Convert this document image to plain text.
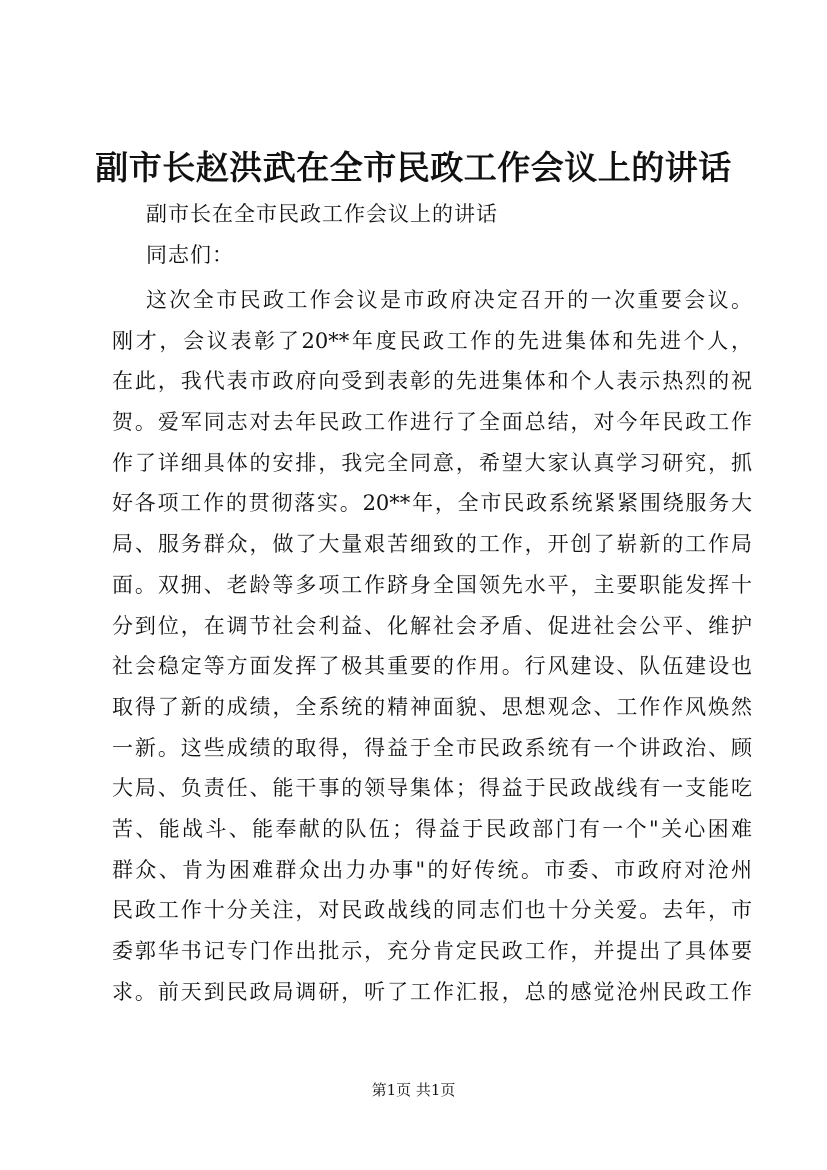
副市长赵洪武在全市民政工作会议上的讲话

副市长在全市民政工作会议上的讲话

同志们：

这次全市民政工作会议是市政府决定召开的一次重要会议。
刚才，会议表彰了20**年度民政工作的先进集体和先进个人，
在此，我代表市政府向受到表彰的先进集体和个人表示热烈的祝
贺。爱军同志对去年民政工作进行了全面总结，对今年民政工作
作了详细具体的安排，我完全同意，希望大家认真学习研究，抓
好各项工作的贯彻落实。20**年，全市民政系统紧紧围绕服务大
局、服务群众，做了大量艰苦细致的工作，开创了崭新的工作局
面。双拥、老龄等多项工作跻身全国领先水平，主要职能发挥十
分到位，在调节社会利益、化解社会矛盾、促进社会公平、维护
社会稳定等方面发挥了极其重要的作用。行风建设、队伍建设也
取得了新的成绩，全系统的精神面貌、思想观念、工作作风焕然
一新。这些成绩的取得，得益于全市民政系统有一个讲政治、顾
大局、负责任、能干事的领导集体；得益于民政战线有一支能吃
苦、能战斗、能奉献的队伍；得益于民政部门有一个"关心困难
群众、肯为困难群众出力办事"的好传统。市委、市政府对沧州
民政工作十分关注，对民政战线的同志们也十分关爱。去年，市
委郭华书记专门作出批示，充分肯定民政工作，并提出了具体要
求。前天到民政局调研，听了工作汇报，总的感觉沧州民政工作

第1页 共1页
